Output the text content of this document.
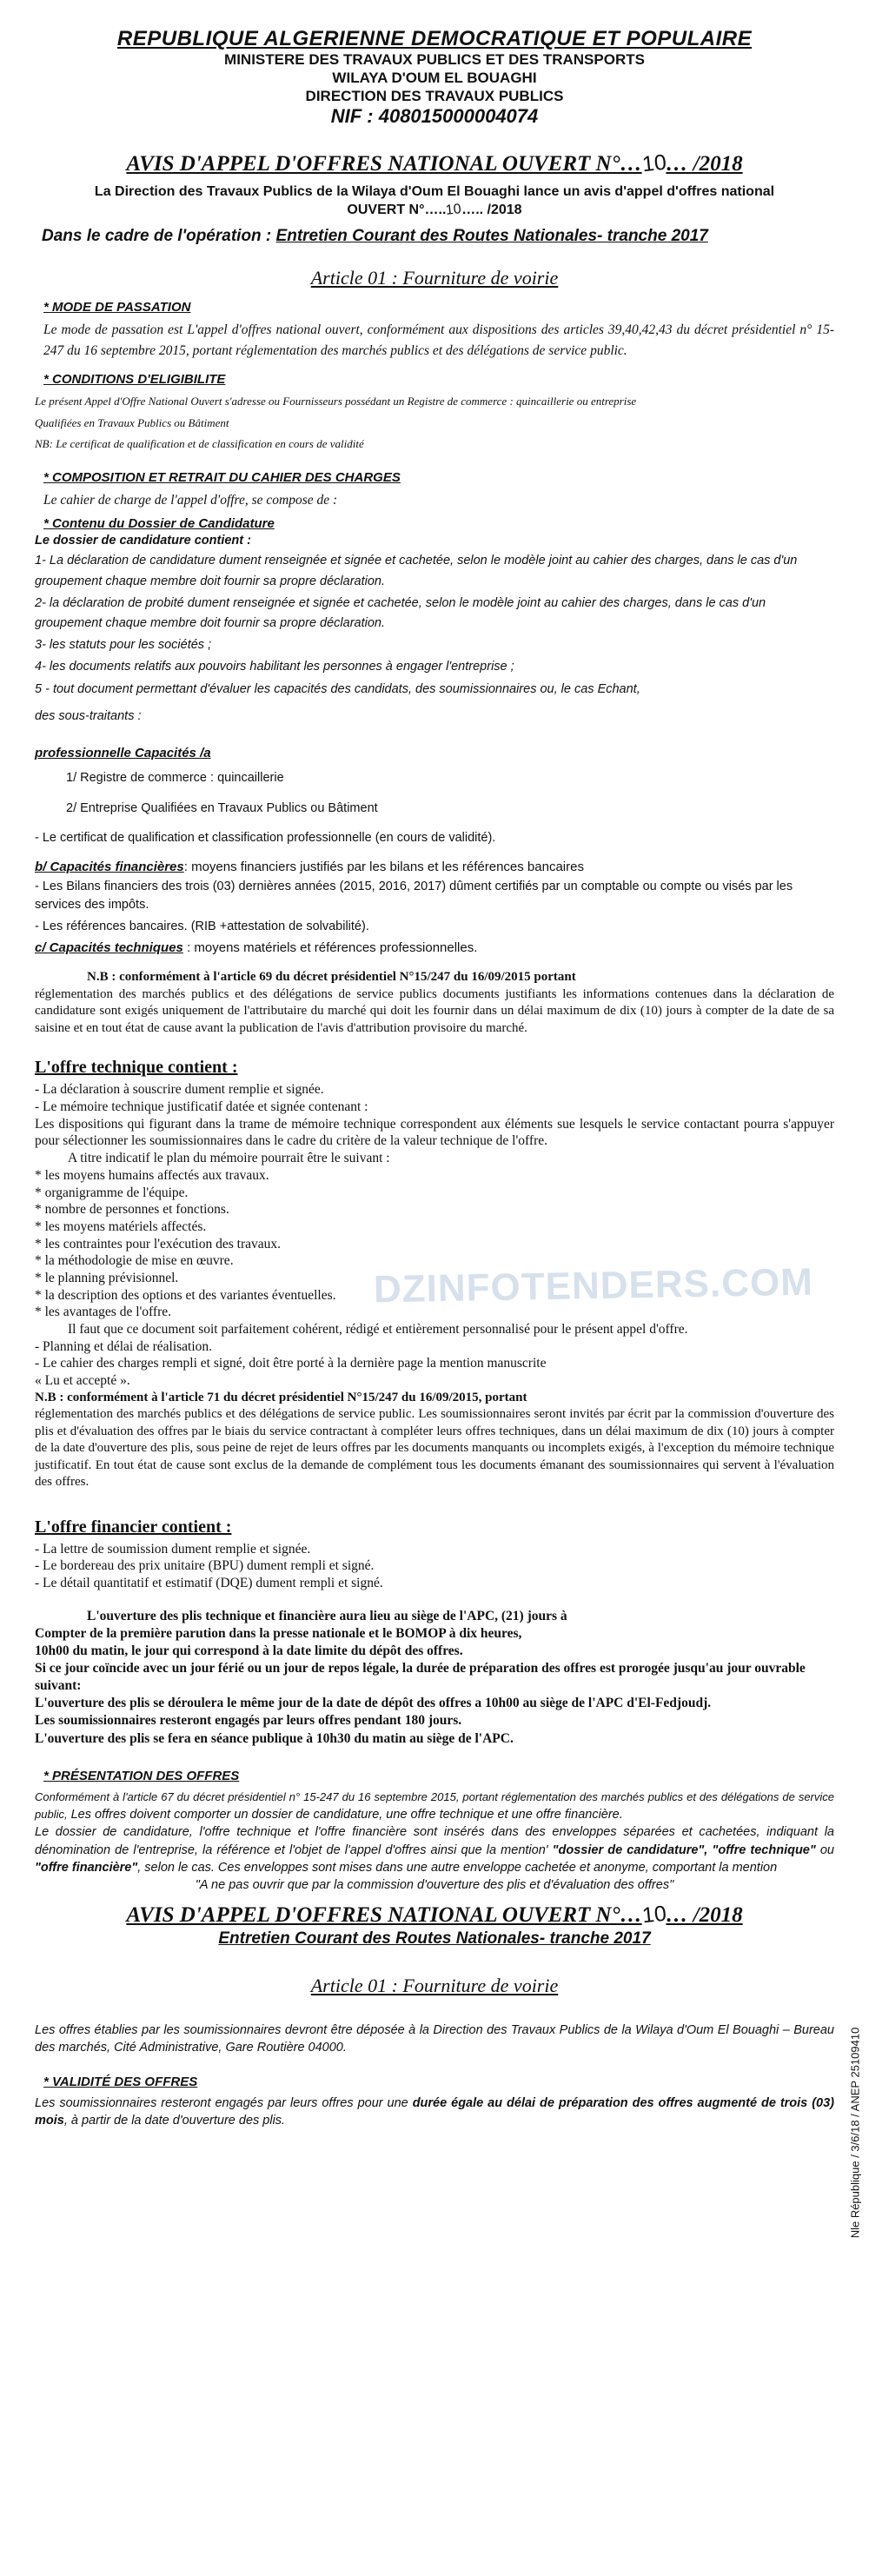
REPUBLIQUE ALGERIENNE DEMOCRATIQUE ET POPULAIRE
MINISTERE DES TRAVAUX PUBLICS ET DES TRANSPORTS
WILAYA D'OUM EL BOUAGHI
DIRECTION DES TRAVAUX PUBLICS
NIF : 408015000004074
AVIS D'APPEL D'OFFRES NATIONAL OUVERT N°…10… /2018
La Direction des Travaux Publics de la Wilaya d'Oum El Bouaghi lance un avis d'appel d'offres national
OUVERT N°…..10….. /2018
Dans le cadre de l'opération : Entretien Courant des Routes Nationales- tranche 2017
Article 01 : Fourniture de voirie
* MODE DE PASSATION

Le mode de passation est L'appel d'offres national ouvert, conformément aux dispositions des articles 39,40,42,43 du décret présidentiel n° 15-247 du 16 septembre 2015, portant réglementation des marchés publics et des délégations de service public.

* CONDITIONS D'ELIGIBILITE

Le présent Appel d'Offre National Ouvert s'adresse ou Fournisseurs possédant un Registre de commerce : quincaillerie ou entreprise

Qualifiées en Travaux Publics ou Bâtiment

NB: Le certificat de qualification et de classification en cours de validité

* COMPOSITION ET RETRAIT DU CAHIER DES CHARGES

Le cahier de charge de l'appel d'offre, se compose de :

* Contenu du Dossier de Candidature
Le dossier de candidature contient :

1- La déclaration de candidature dument renseignée et signée et cachetée, selon le modèle joint au cahier des charges, dans le cas d'un groupement chaque membre doit fournir sa propre déclaration.

2- la déclaration de probité dument renseignée et signée et cachetée, selon le modèle joint au cahier des charges, dans le cas d'un groupement chaque membre doit fournir sa propre déclaration.

3- les statuts pour les sociétés ;

4- les documents relatifs aux pouvoirs habilitant les personnes à engager l'entreprise ;

5 - tout document permettant d'évaluer les capacités des candidats, des soumissionnaires ou, le cas Echant,

des sous-traitants :

professionnelle Capacités /a

1/ Registre de commerce : quincaillerie

2/ Entreprise Qualifiées en Travaux Publics ou Bâtiment

- Le certificat de qualification et classification professionnelle (en cours de validité).

b/ Capacités financières: moyens financiers justifiés par les bilans et les références bancaires

- Les Bilans financiers des trois (03) dernières années (2015, 2016, 2017) dûment certifiés par un comptable ou compte ou visés par les services des impôts.

- Les références bancaires. (RIB +attestation de solvabilité).

c/ Capacités techniques : moyens matériels et références professionnelles.
N.B : conformément à l'article 69 du décret présidentiel N°15/247 du 16/09/2015 portant
réglementation des marchés publics et des délégations de service publics documents justifiants les informations contenues dans la déclaration de candidature sont exigés uniquement de l'attributaire du marché qui doit les fournir dans un délai maximum de dix (10) jours à compter de la date de sa saisine et en tout état de cause avant la publication de l'avis d'attribution provisoire du marché.
L'offre technique contient :

- La déclaration à souscrire dument remplie et signée.

- Le mémoire technique justificatif datée et signée contenant :

Les dispositions qui figurant dans la trame de mémoire technique correspondent aux éléments sue lesquels le service contactant pourra s'appuyer pour sélectionner les soumissionnaires dans le cadre du critère de la valeur technique de l'offre.

A titre indicatif le plan du mémoire pourrait être le suivant :

* les moyens humains affectés aux travaux.

* organigramme de l'équipe.

* nombre de personnes et fonctions.

* les moyens matériels affectés.

* les contraintes pour l'exécution des travaux.

* la méthodologie de mise en œuvre.

* le planning prévisionnel.

* la description des options et des variantes éventuelles.

* les avantages de l'offre.

Il faut que ce document soit parfaitement cohérent, rédigé et entièrement personnalisé pour le présent appel d'offre.

- Planning et délai de réalisation.

- Le cahier des charges rempli et signé, doit être porté à la dernière page la mention manuscrite

« Lu et accepté ».

N.B : conformément à l'article 71 du décret présidentiel N°15/247 du 16/09/2015, portant
réglementation des marchés publics et des délégations de service public. Les soumissionnaires seront invités par écrit par la commission d'ouverture des plis et d'évaluation des offres par le biais du service contractant à compléter leurs offres techniques, dans un délai maximum de dix (10) jours à compter de la date d'ouverture des plis, sous peine de rejet de leurs offres par les documents manquants ou incomplets exigés, à l'exception du mémoire technique justificatif. En tout état de cause sont exclus de la demande de complément tous les documents émanant des soumissionnaires qui servent à l'évaluation des offres.
L'offre financier contient :

- La lettre de soumission dument remplie et signée.

- Le bordereau des prix unitaire (BPU) dument rempli et signé.

- Le détail quantitatif et estimatif (DQE) dument rempli et signé.

L'ouverture des plis technique et financière aura lieu au siège de l'APC, (21) jours à
Compter de la première parution dans la presse nationale et le BOMOP à dix heures,
10h00 du matin, le jour qui correspond à la date limite du dépôt des offres.
Si ce jour coïncide avec un jour férié ou un jour de repos légale, la durée de préparation des offres est prorogée jusqu'au jour ouvrable suivant:
L'ouverture des plis se déroulera le même jour de la date de dépôt des offres a 10h00 au siège de l'APC d'El-Fedjoudj.
Les soumissionnaires resteront engagés par leurs offres pendant 180 jours.
L'ouverture des plis se fera en séance publique à 10h30 du matin au siège de l'APC.
* PRÉSENTATION DES OFFRES

Conformément à l'article 67 du décret présidentiel n° 15-247 du 16 septembre 2015, portant réglementation des marchés publics et des délégations de service public, Les offres doivent comporter un dossier de candidature, une offre technique et une offre financière.

Le dossier de candidature, l'offre technique et l'offre financière sont insérés dans des enveloppes séparées et cachetées, indiquant la dénomination de l'entreprise, la référence et l'objet de l'appel d'offres ainsi que la mention' "dossier de candidature", "offre technique" ou "offre financière", selon le cas. Ces enveloppes sont mises dans une autre enveloppe cachetée et anonyme, comportant la mention

"A ne pas ouvrir que par la commission d'ouverture des plis et d'évaluation des offres"

AVIS D'APPEL D'OFFRES NATIONAL OUVERT N°…10… /2018
Entretien Courant des Routes Nationales- tranche 2017
Article 01 : Fourniture de voirie

Les offres établies par les soumissionnaires devront être déposée à la Direction des Travaux Publics de la Wilaya d'Oum El Bouaghi – Bureau des marchés, Cité Administrative, Gare Routière 04000.

* VALIDITÉ DES OFFRES

Les soumissionnaires resteront engagés par leurs offres pour une durée égale au délai de préparation des offres augmenté de trois (03) mois, à partir de la date d'ouverture des plis.

DZINFOTENDERS.COM
Nle République / 3/6/18 / ANEP 25109410
